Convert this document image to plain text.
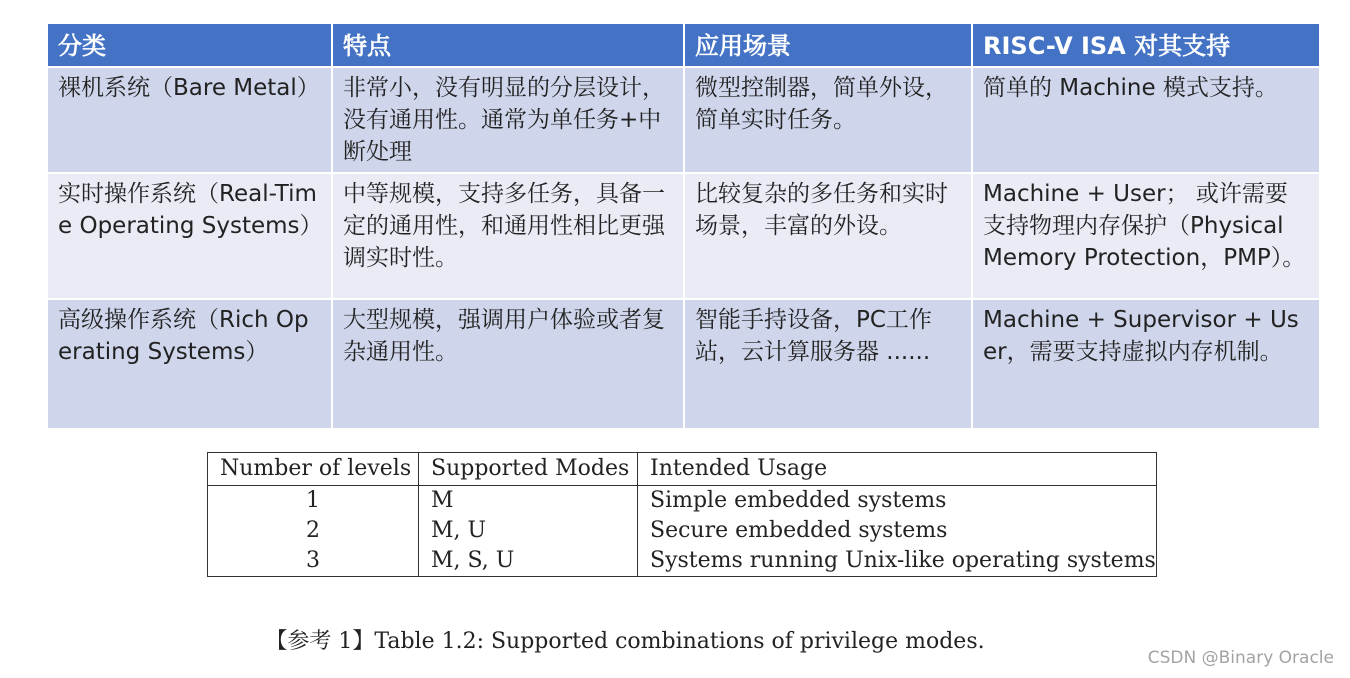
分类	特点	应用场景	RISC-V ISA 对其支持
裸机系统（Bare Metal）	非常小，没有明显的分层设计，没有通用性。通常为单任务+中断处理	微型控制器，简单外设，简单实时任务。	简单的 Machine 模式支持。
实时操作系统（Real-Time Operating Systems）	中等规模，支持多任务，具备一定的通用性，和通用性相比更强调实时性。	比较复杂的多任务和实时场景，丰富的外设。	Machine + User； 或许需要支持物理内存保护（Physical Memory Protection，PMP）。
高级操作系统（Rich Operating Systems）	大型规模，强调用户体验或者复杂通用性。	智能手持设备，PC工作站，云计算服务器 ......	Machine + Supervisor + User，需要支持虚拟内存机制。
Number of levels	Supported Modes	Intended Usage
1	M	Simple embedded systems
2	M, U	Secure embedded systems
3	M, S, U	Systems running Unix-like operating systems
【参考 1】Table 1.2: Supported combinations of privilege modes.
CSDN @Binary Oracle
